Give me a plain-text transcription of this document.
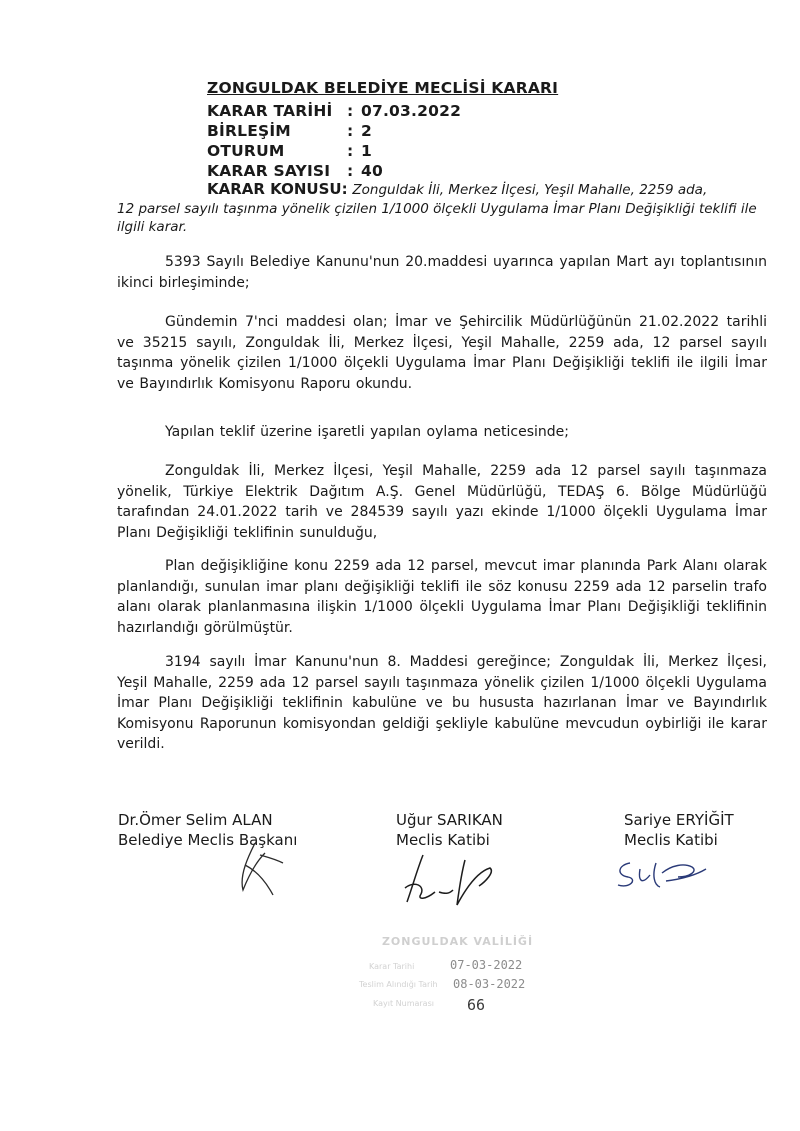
ZONGULDAK BELEDİYE MECLİSİ KARARI
KARAR TARİHİ : 07.03.2022
BİRLEŞİM	: 2
OTURUM	: 1
KARAR SAYISI	: 40
KARAR KONUSU: Zonguldak İli, Merkez İlçesi, Yeşil Mahalle, 2259 ada,
12 parsel sayılı taşınma yönelik çizilen 1/1000 ölçekli Uygulama İmar Planı Değişikliği teklifi ile ilgili karar.
5393 Sayılı Belediye Kanunu'nun 20.maddesi uyarınca yapılan Mart ayı toplantısının ikinci birleşiminde;
Gündemin 7'nci maddesi olan; İmar ve Şehircilik Müdürlüğünün 21.02.2022 tarihli ve 35215 sayılı, Zonguldak İli, Merkez İlçesi, Yeşil Mahalle, 2259 ada, 12 parsel sayılı taşınma yönelik çizilen 1/1000 ölçekli Uygulama İmar Planı Değişikliği teklifi ile ilgili İmar ve Bayındırlık Komisyonu Raporu okundu.
Yapılan teklif üzerine işaretli yapılan oylama neticesinde;
Zonguldak İli, Merkez İlçesi, Yeşil Mahalle, 2259 ada 12 parsel sayılı taşınmaza yönelik, Türkiye Elektrik Dağıtım A.Ş. Genel Müdürlüğü, TEDAŞ 6. Bölge Müdürlüğü tarafından 24.01.2022 tarih ve 284539 sayılı yazı ekinde 1/1000 ölçekli Uygulama İmar Planı Değişikliği teklifinin sunulduğu,
Plan değişikliğine konu 2259 ada 12 parsel, mevcut imar planında Park Alanı olarak planlandığı, sunulan imar planı değişikliği teklifi ile söz konusu 2259 ada 12 parselin trafo alanı olarak planlanmasına ilişkin 1/1000 ölçekli Uygulama İmar Planı Değişikliği teklifinin hazırlandığı görülmüştür.
3194 sayılı İmar Kanunu'nun 8. Maddesi gereğince; Zonguldak İli, Merkez İlçesi, Yeşil Mahalle, 2259 ada 12 parsel sayılı taşınmaza yönelik çizilen 1/1000 ölçekli Uygulama İmar Planı Değişikliği teklifinin kabulüne ve bu hususta hazırlanan İmar ve Bayındırlık Komisyonu Raporunun komisyondan geldiği şekliyle kabulüne mevcudun oybirliği ile karar verildi.
Dr.Ömer Selim ALAN
Belediye Meclis Başkanı
Uğur SARIKAN
Meclis Katibi
Sariye ERYİĞİT
Meclis Katibi
ZONGULDAK VALİLİĞİ
Karar Tarihi	07-03-2022
Teslim Alındığı Tarih 08-03-2022
Kayıt Numarası 66
